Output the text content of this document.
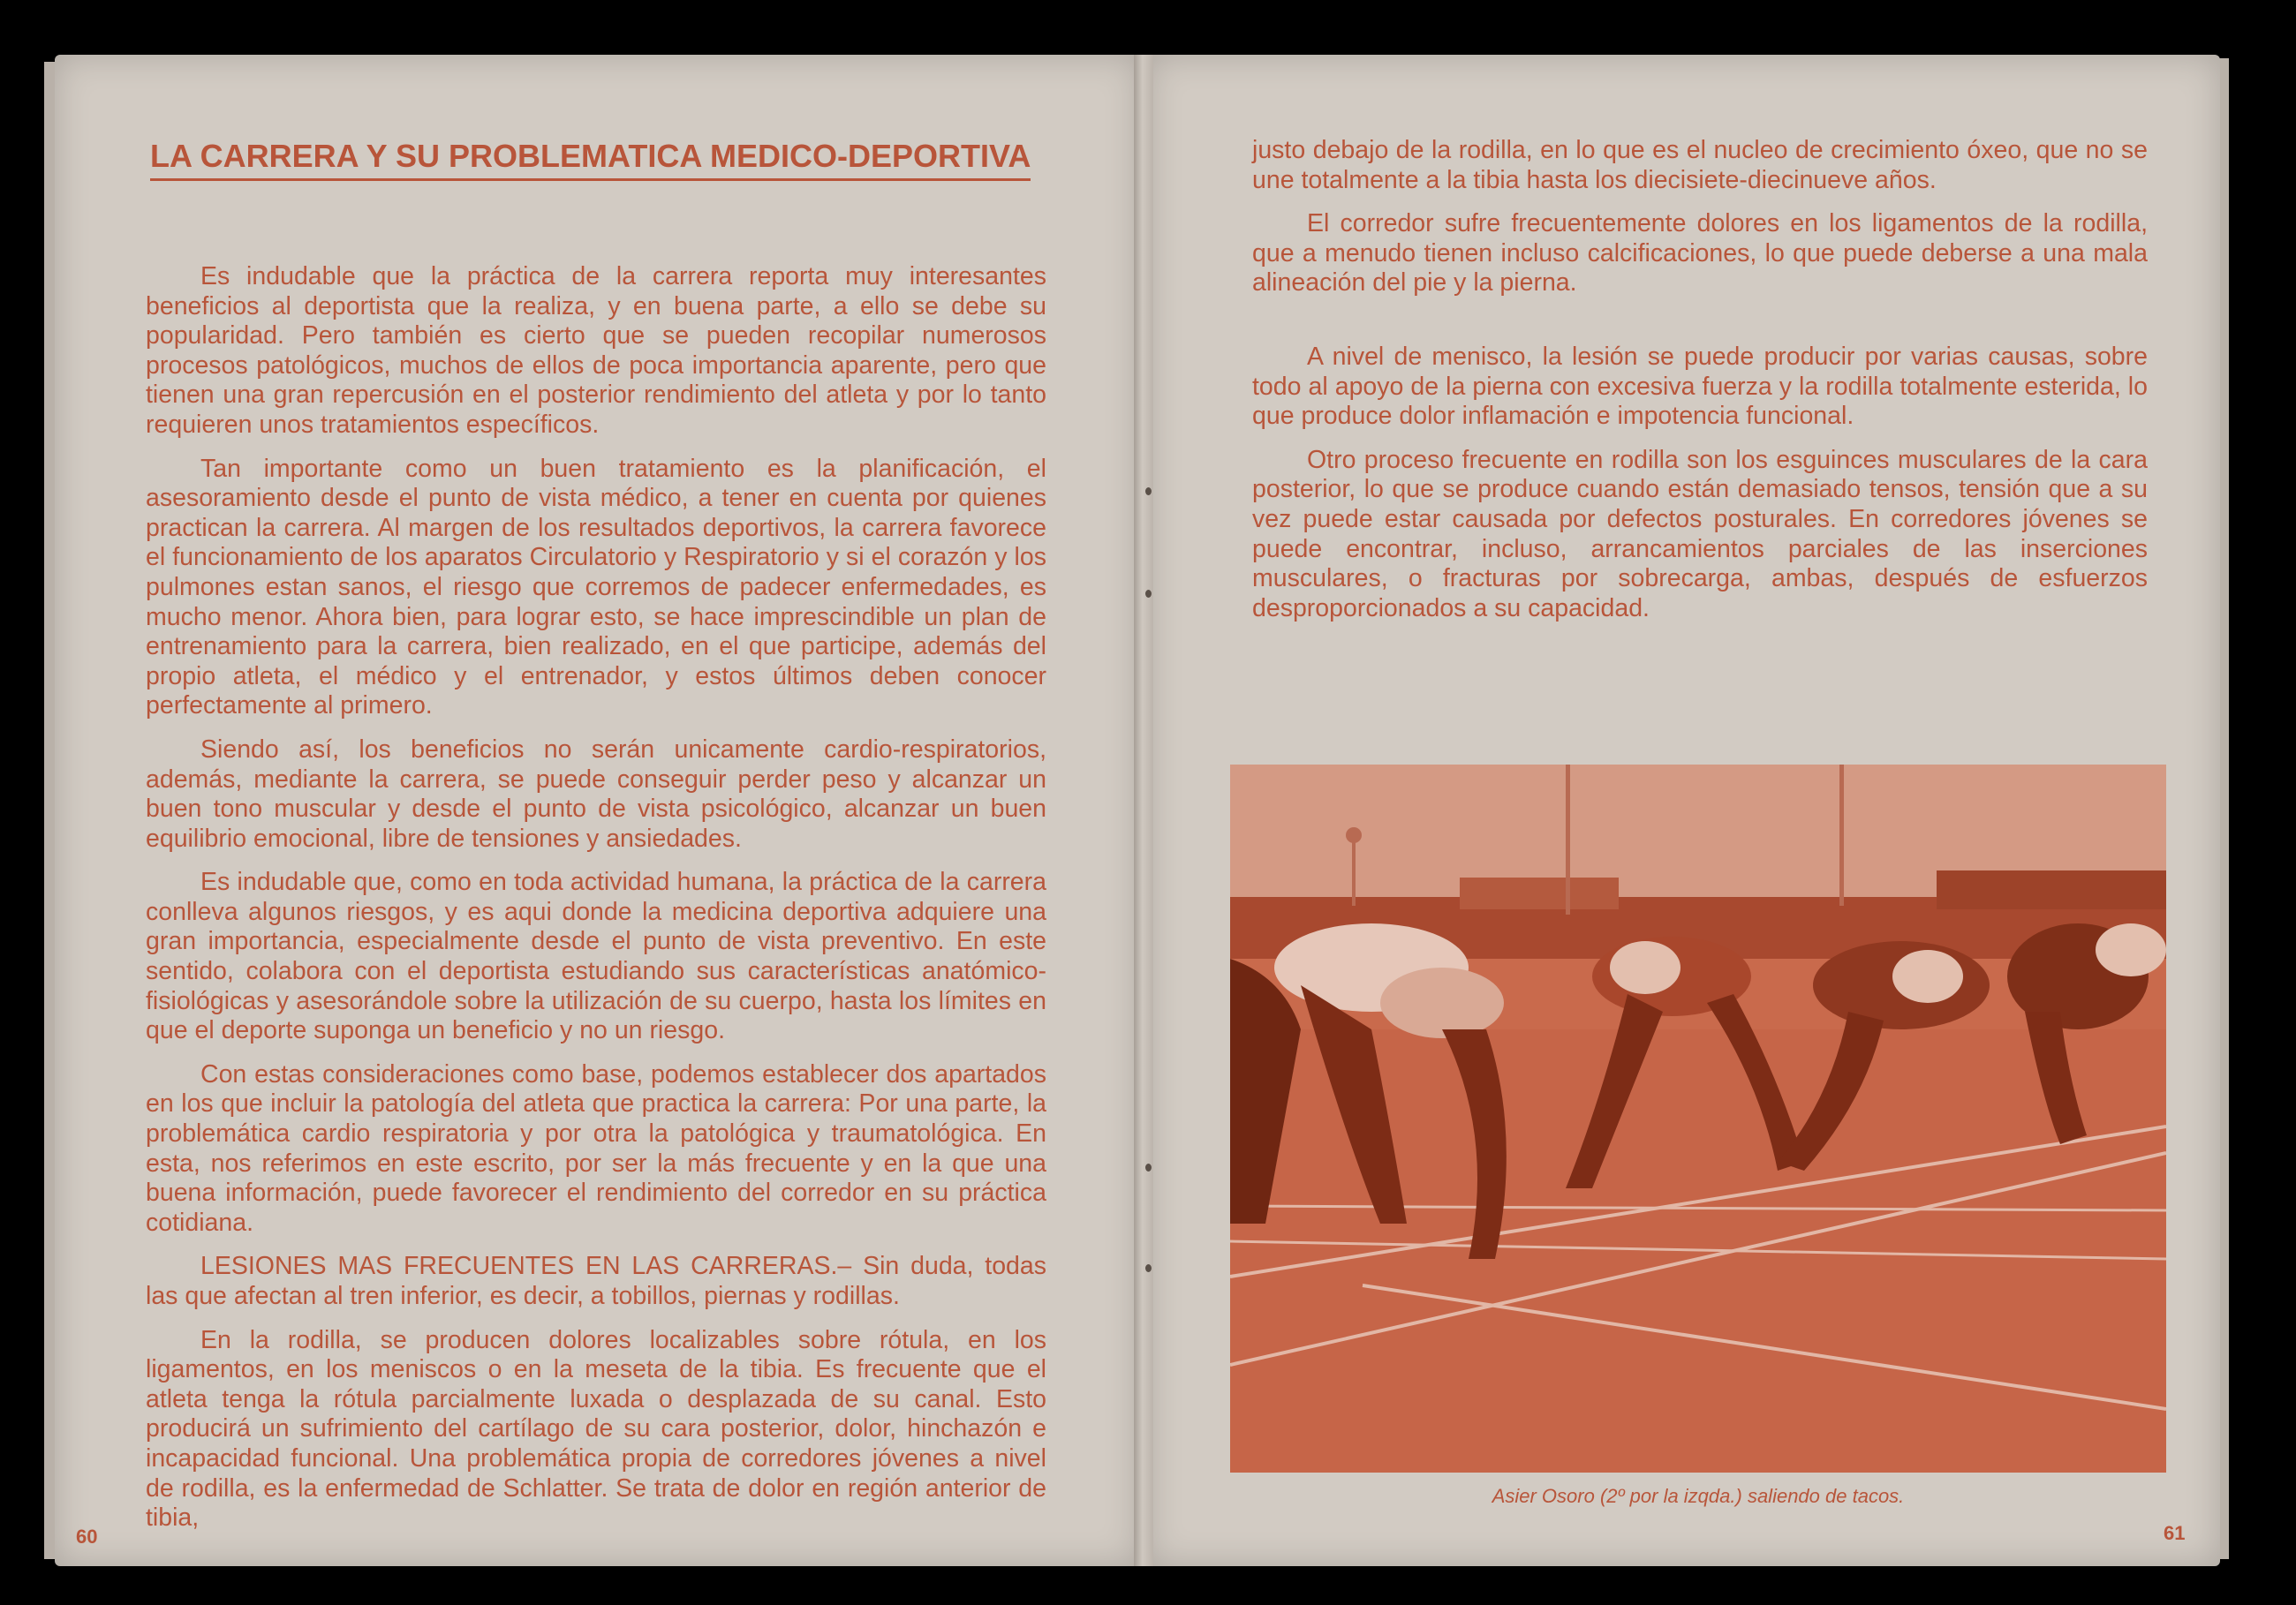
LA CARRERA Y SU PROBLEMATICA MEDICO-DEPORTIVA

Es indudable que la práctica de la carrera reporta muy interesantes beneficios al deportista que la realiza, y en buena parte, a ello se debe su popularidad. Pero también es cierto que se pueden recopilar numerosos procesos patológicos, muchos de ellos de poca importancia aparente, pero que tienen una gran repercusión en el posterior rendimiento del atleta y por lo tanto requieren unos tratamientos específicos.

Tan importante como un buen tratamiento es la planificación, el asesoramiento desde el punto de vista médico, a tener en cuenta por quienes practican la carrera. Al margen de los resultados deportivos, la carrera favorece el funcionamiento de los aparatos Circulatorio y Respiratorio y si el corazón y los pulmones estan sanos, el riesgo que corremos de padecer enfermedades, es mucho menor. Ahora bien, para lograr esto, se hace imprescindible un plan de entrenamiento para la carrera, bien realizado, en el que participe, además del propio atleta, el médico y el entrenador, y estos últimos deben conocer perfectamente al primero.

Siendo así, los beneficios no serán unicamente cardio-respiratorios, además, mediante la carrera, se puede conseguir perder peso y alcanzar un buen tono muscular y desde el punto de vista psicológico, alcanzar un buen equilibrio emocional, libre de tensiones y ansiedades.

Es indudable que, como en toda actividad humana, la práctica de la carrera conlleva algunos riesgos, y es aqui donde la medicina deportiva adquiere una gran importancia, especialmente desde el punto de vista preventivo. En este sentido, colabora con el deportista estudiando sus características anatómico-fisiológicas y asesorándole sobre la utilización de su cuerpo, hasta los límites en que el deporte suponga un beneficio y no un riesgo.

Con estas consideraciones como base, podemos establecer dos apartados en los que incluir la patología del atleta que practica la carrera: Por una parte, la problemática cardio respiratoria y por otra la patológica y traumatológica. En esta, nos referimos en este escrito, por ser la más frecuente y en la que una buena información, puede favorecer el rendimiento del corredor en su práctica cotidiana.

LESIONES MAS FRECUENTES EN LAS CARRERAS.– Sin duda, todas las que afectan al tren inferior, es decir, a tobillos, piernas y rodillas.

En la rodilla, se producen dolores localizables sobre rótula, en los ligamentos, en los meniscos o en la meseta de la tibia. Es frecuente que el atleta tenga la rótula parcialmente luxada o desplazada de su canal. Esto producirá un sufrimiento del cartílago de su cara posterior, dolor, hinchazón e incapacidad funcional. Una problemática propia de corredores jóvenes a nivel de rodilla, es la enfermedad de Schlatter. Se trata de dolor en región anterior de tibia,

justo debajo de la rodilla, en lo que es el nucleo de crecimiento óxeo, que no se une totalmente a la tibia hasta los diecisiete-diecinueve años.

El corredor sufre frecuentemente dolores en los ligamentos de la rodilla, que a menudo tienen incluso calcificaciones, lo que puede deberse a una mala alineación del pie y la pierna.

A nivel de menisco, la lesión se puede producir por varias causas, sobre todo al apoyo de la pierna con excesiva fuerza y la rodilla totalmente esterida, lo que produce dolor inflamación e impotencia funcional.

Otro proceso frecuente en rodilla son los esguinces musculares de la cara posterior, lo que se produce cuando están demasiado tensos, tensión que a su vez puede estar causada por defectos posturales. En corredores jóvenes se puede encontrar, incluso, arrancamientos parciales de las inserciones musculares, o fracturas por sobrecarga, ambas, después de esfuerzos desproporcionados a su capacidad.

Asier Osoro (2º por la izqda.) saliendo de tacos.
60	61
